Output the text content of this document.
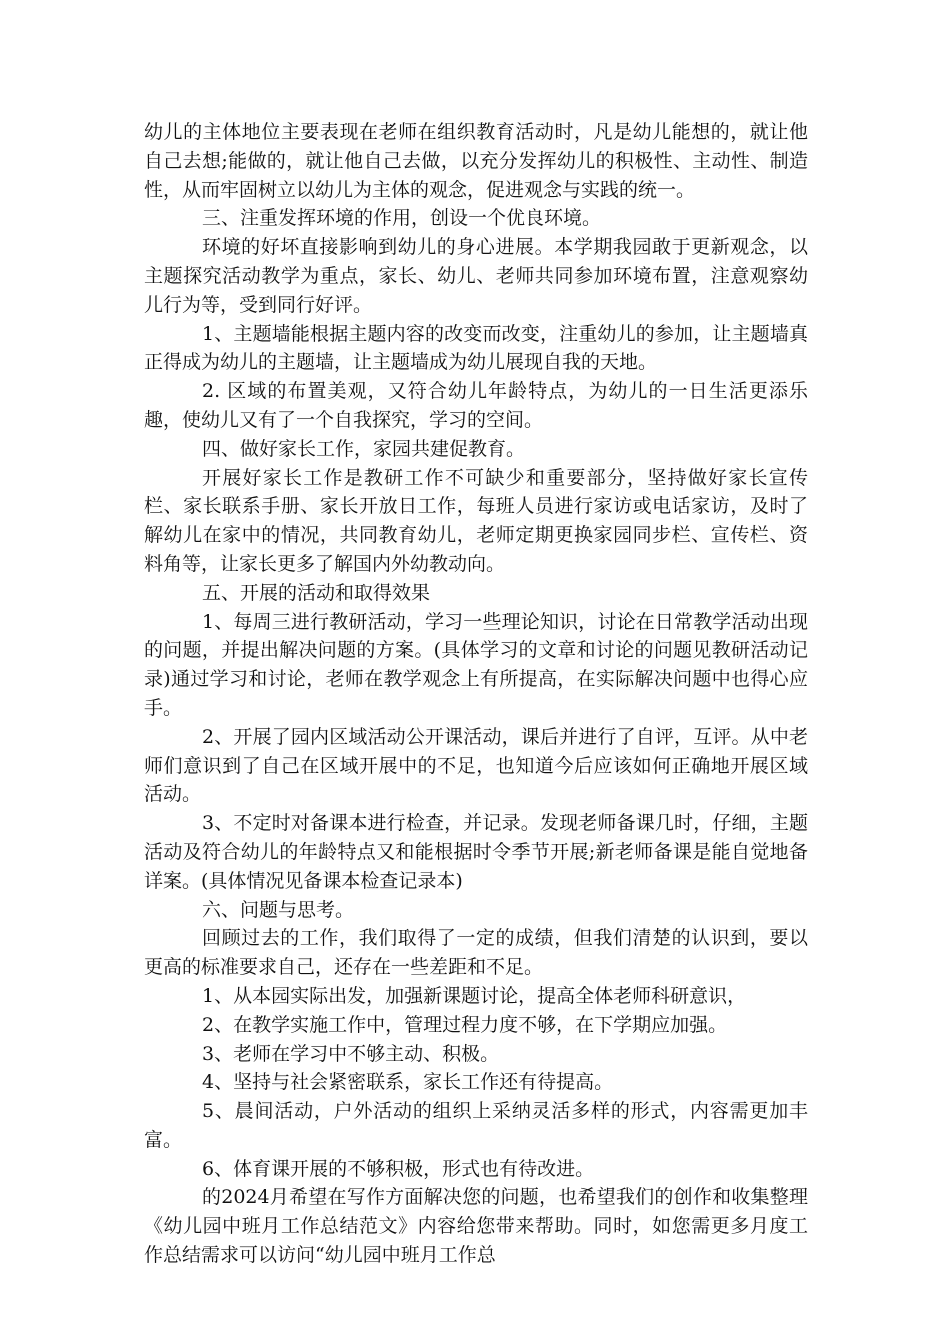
幼儿的主体地位主要表现在老师在组织教育活动时，凡是幼儿能想的，就让他自己去想;能做的，就让他自己去做，以充分发挥幼儿的积极性、主动性、制造性，从而牢固树立以幼儿为主体的观念，促进观念与实践的统一。

三、注重发挥环境的作用，创设一个优良环境。

环境的好坏直接影响到幼儿的身心进展。本学期我园敢于更新观念，以主题探究活动教学为重点，家长、幼儿、老师共同参加环境布置，注意观察幼儿行为等，受到同行好评。

1、主题墙能根据主题内容的改变而改变，注重幼儿的参加，让主题墙真正得成为幼儿的主题墙，让主题墙成为幼儿展现自我的天地。

2. 区域的布置美观，又符合幼儿年龄特点，为幼儿的一日生活更添乐趣，使幼儿又有了一个自我探究，学习的空间。

四、做好家长工作，家园共建促教育。

开展好家长工作是教研工作不可缺少和重要部分，坚持做好家长宣传栏、家长联系手册、家长开放日工作，每班人员进行家访或电话家访，及时了解幼儿在家中的情况，共同教育幼儿，老师定期更换家园同步栏、宣传栏、资料角等，让家长更多了解国内外幼教动向。

五、开展的活动和取得效果

1、每周三进行教研活动，学习一些理论知识，讨论在日常教学活动出现的问题，并提出解决问题的方案。(具体学习的文章和讨论的问题见教研活动记录)通过学习和讨论，老师在教学观念上有所提高，在实际解决问题中也得心应手。

2、开展了园内区域活动公开课活动，课后并进行了自评，互评。从中老师们意识到了自己在区域开展中的不足，也知道今后应该如何正确地开展区域活动。

3、不定时对备课本进行检查，并记录。发现老师备课几时，仔细，主题活动及符合幼儿的年龄特点又和能根据时令季节开展;新老师备课是能自觉地备详案。(具体情况见备课本检查记录本)

六、问题与思考。

回顾过去的工作，我们取得了一定的成绩，但我们清楚的认识到，要以更高的标准要求自己，还存在一些差距和不足。

1、从本园实际出发，加强新课题讨论，提高全体老师科研意识，

2、在教学实施工作中，管理过程力度不够，在下学期应加强。

3、老师在学习中不够主动、积极。

4、坚持与社会紧密联系，家长工作还有待提高。

5、晨间活动，户外活动的组织上采纳灵活多样的形式，内容需更加丰富。

6、体育课开展的不够积极，形式也有待改进。

的2024月希望在写作方面解决您的问题，也希望我们的创作和收集整理《幼儿园中班月工作总结范文》内容给您带来帮助。同时，如您需更多月度工作总结需求可以访问“幼儿园中班月工作总
